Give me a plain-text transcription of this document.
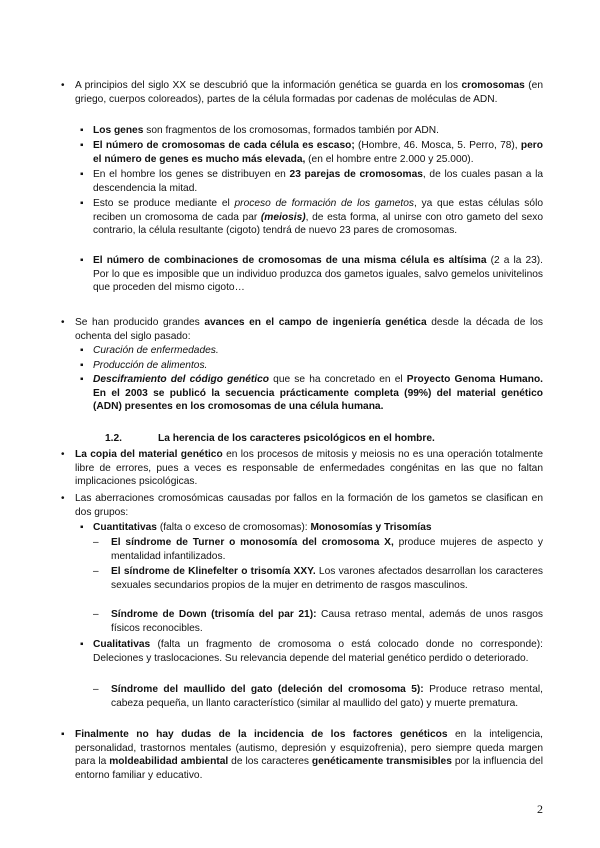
• A principios del siglo XX se descubrió que la información genética se guarda en los cromosomas (en griego, cuerpos coloreados), partes de la célula formadas por cadenas de moléculas de ADN.
▪ Los genes son fragmentos de los cromosomas, formados también por ADN.
▪ El número de cromosomas de cada célula es escaso; (Hombre, 46. Mosca, 5. Perro, 78), pero el número de genes es mucho más elevada, (en el hombre entre 2.000 y 25.000).
▪ En el hombre los genes se distribuyen en 23 parejas de cromosomas, de los cuales pasan a la descendencia la mitad.
▪ Esto se produce mediante el proceso de formación de los gametos, ya que estas células sólo reciben un cromosoma de cada par (meiosis), de esta forma, al unirse con otro gameto del sexo contrario, la célula resultante (cigoto) tendrá de nuevo 23 pares de cromosomas.
▪ El número de combinaciones de cromosomas de una misma célula es altísima (2 a la 23). Por lo que es imposible que un individuo produzca dos gametos iguales, salvo gemelos univitelinos que proceden del mismo cigoto…
• Se han producido grandes avances en el campo de ingeniería genética desde la década de los ochenta del siglo pasado:
▪ Curación de enfermedades.
▪ Producción de alimentos.
▪ Desciframiento del código genético que se ha concretado en el Proyecto Genoma Humano. En el 2003 se publicó la secuencia prácticamente completa (99%) del material genético (ADN) presentes en los cromosomas de una célula humana.
1.2.	La herencia de los caracteres psicológicos en el hombre.
• La copia del material genético en los procesos de mitosis y meiosis no es una operación totalmente libre de errores, pues a veces es responsable de enfermedades congénitas en las que no faltan implicaciones psicológicas.
• Las aberraciones cromosómicas causadas por fallos en la formación de los gametos se clasifican en dos grupos:
▪ Cuantitativas (falta o exceso de cromosomas): Monosomías y Trisomías
– El síndrome de Turner o monosomía del cromosoma X, produce mujeres de aspecto y mentalidad infantilizados.
– El síndrome de Klinefelter o trisomía XXY. Los varones afectados desarrollan los caracteres sexuales secundarios propios de la mujer en detrimento de rasgos masculinos.
– Síndrome de Down (trisomía del par 21): Causa retraso mental, además de unos rasgos físicos reconocibles.
▪ Cualitativas (falta un fragmento de cromosoma o está colocado donde no corresponde): Deleciones y traslocaciones. Su relevancia depende del material genético perdido o deteriorado.
– Síndrome del maullido del gato (deleción del cromosoma 5): Produce retraso mental, cabeza pequeña, un llanto característico (similar al maullido del gato) y muerte prematura.
▪ Finalmente no hay dudas de la incidencia de los factores genéticos en la inteligencia, personalidad, trastornos mentales (autismo, depresión y esquizofrenia), pero siempre queda margen para la moldeabilidad ambiental de los caracteres genéticamente transmisibles por la influencia del entorno familiar y educativo.
2
